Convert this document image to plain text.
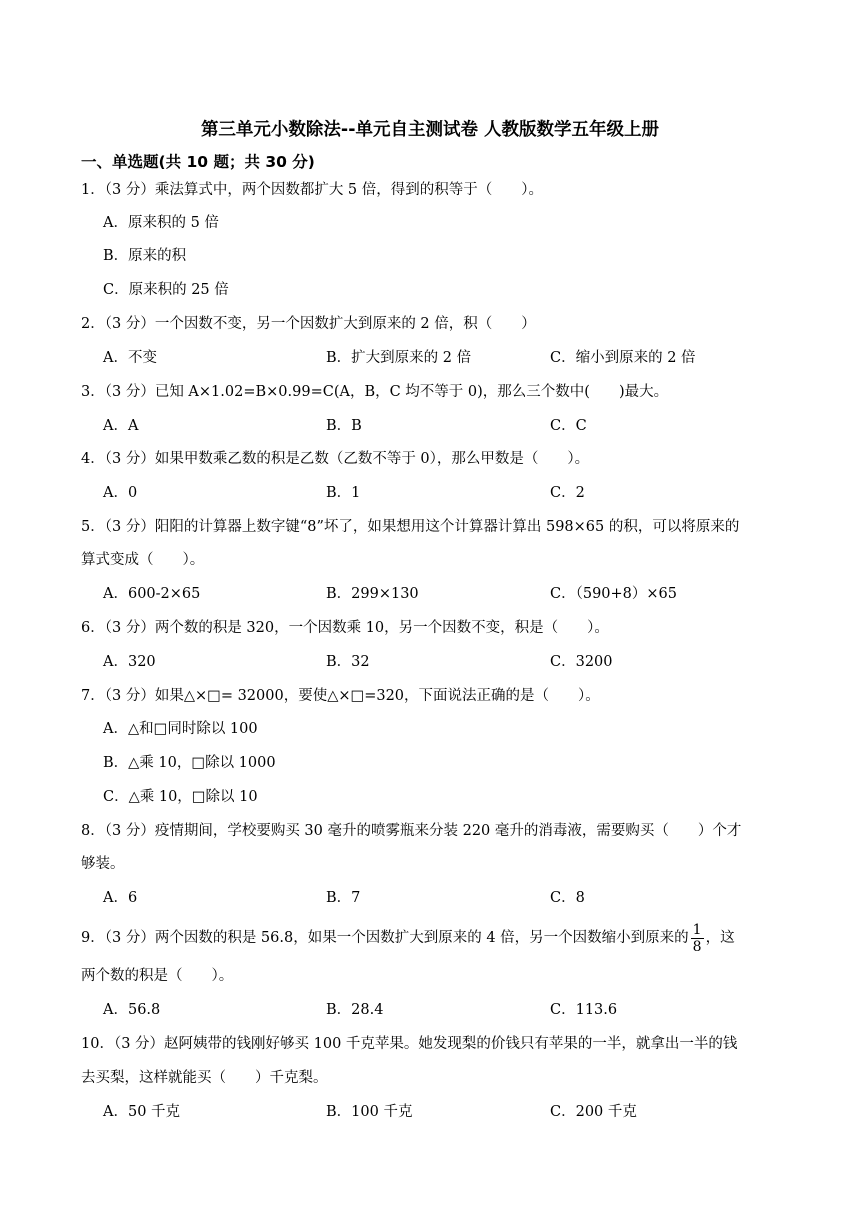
第三单元小数除法--单元自主测试卷 人教版数学五年级上册
一、单选题(共 10 题；共 30 分)
1．（3 分）乘法算式中，两个因数都扩大 5 倍，得到的积等于（　　）。
A．原来积的 5 倍
B．原来的积
C．原来积的 25 倍
2．（3 分）一个因数不变，另一个因数扩大到原来的 2 倍，积（　　）
A．不变	B．扩大到原来的 2 倍	C．缩小到原来的 2 倍
3．（3 分）已知 A×1.02=B×0.99=C(A，B，C 均不等于 0)，那么三个数中(　　)最大。
A．A	B．B	C．C
4．（3 分）如果甲数乘乙数的积是乙数（乙数不等于 0），那么甲数是（　　）。
A．0	B．1	C．2
5．（3 分）阳阳的计算器上数字键“8”坏了，如果想用这个计算器计算出 598×65 的积，可以将原来的
算式变成（　　）。
A．600-2×65	B．299×130	C．（590+8）×65
6．（3 分）两个数的积是 320，一个因数乘 10，另一个因数不变，积是（　　）。
A．320	B．32	C．3200
7．（3 分）如果△×□= 32000，要使△×□=320，下面说法正确的是（　　）。
A．△和□同时除以 100
B．△乘 10，□除以 1000
C．△乘 10，□除以 10
8．（3 分）疫情期间，学校要购买 30 毫升的喷雾瓶来分装 220 毫升的消毒液，需要购买（　　）个才
够装。
A．6	B．7	C．8
9．（3 分）两个因数的积是 56.8，如果一个因数扩大到原来的 4 倍，另一个因数缩小到原来的 $\frac{1}{8}$ ，这
两个数的积是（　　）。
A．56.8	B．28.4	C．113.6
10．（3 分）赵阿姨带的钱刚好够买 100 千克苹果。她发现梨的价钱只有苹果的一半，就拿出一半的钱
去买梨，这样就能买（　　）千克梨。
A．50 千克	B．100 千克	C．200 千克
